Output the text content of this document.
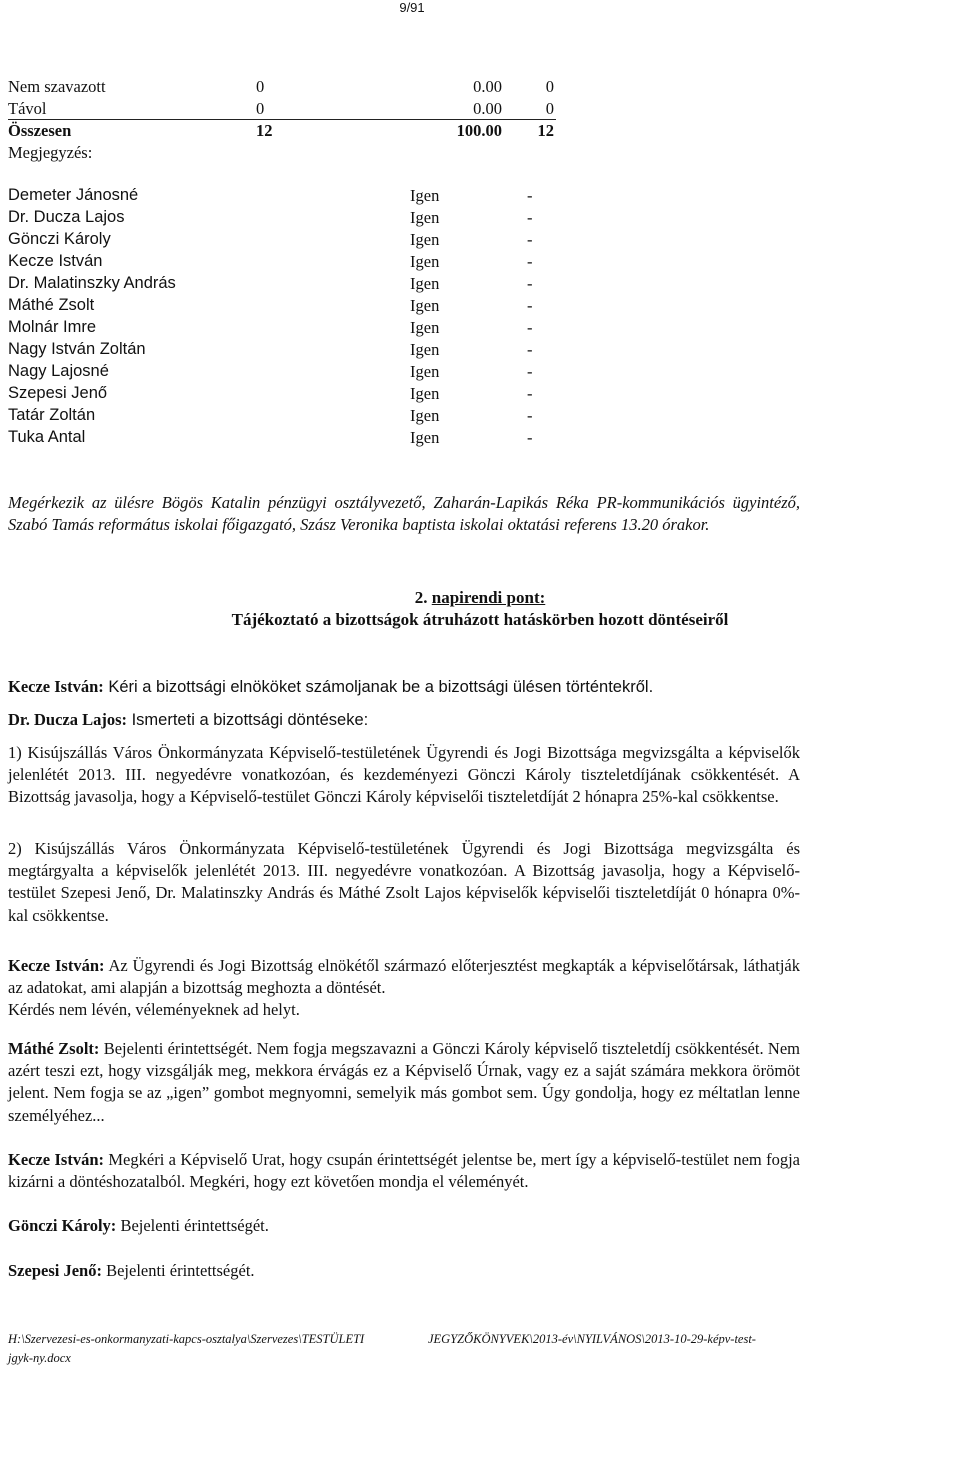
9/91
Nem szavazott	0	0.00	0
Távol	0	0.00	0
Összesen	12	100.00 12
Megjegyzés:
Demeter Jánosné	Igen	-
Dr. Ducza Lajos	Igen	-
Gönczi Károly	Igen	-
Kecze István	Igen	-
Dr. Malatinszky András	Igen	-
Máthé Zsolt	Igen	-
Molnár Imre	Igen	-
Nagy István Zoltán	Igen	-
Nagy Lajosné	Igen	-
Szepesi Jenő	Igen	-
Tatár Zoltán	Igen	-
Tuka Antal	Igen	-
Megérkezik az ülésre Bögös Katalin pénzügyi osztályvezető, Zaharán-Lapikás Réka PR-kommunikációs ügyintéző, Szabó Tamás református iskolai főigazgató, Szász Veronika baptista iskolai oktatási referens 13.20 órakor.
2. napirendi pont:
Tájékoztató a bizottságok átruházott hatáskörben hozott döntéseiről
Kecze István: Kéri a bizottsági elnököket számoljanak be a bizottsági ülésen történtekről.
Dr. Ducza Lajos: Ismerteti a bizottsági döntéseke:
1) Kisújszállás Város Önkormányzata Képviselő-testületének Ügyrendi és Jogi Bizottsága megvizsgálta a képviselők jelenlétét 2013. III. negyedévre vonatkozóan, és kezdeményezi Gönczi Károly tiszteletdíjának csökkentését. A Bizottság javasolja, hogy a Képviselő-testület Gönczi Károly képviselői tiszteletdíját 2 hónapra 25%-kal csökkentse.
2) Kisújszállás Város Önkormányzata Képviselő-testületének Ügyrendi és Jogi Bizottsága megvizsgálta és megtárgyalta a képviselők jelenlétét 2013. III. negyedévre vonatkozóan. A Bizottság javasolja, hogy a Képviselő-testület Szepesi Jenő, Dr. Malatinszky András és Máthé Zsolt Lajos képviselők képviselői tiszteletdíját 0 hónapra 0%-kal csökkentse.
Kecze István: Az Ügyrendi és Jogi Bizottság elnökétől származó előterjesztést megkapták a képviselőtársak, láthatják az adatokat, ami alapján a bizottság meghozta a döntését.
Kérdés nem lévén, véleményeknek ad helyt.
Máthé Zsolt: Bejelenti érintettségét. Nem fogja megszavazni a Gönczi Károly képviselő tiszteletdíj csökkentését. Nem azért teszi ezt, hogy vizsgálják meg, mekkora érvágás ez a Képviselő Úrnak, vagy ez a saját számára mekkora örömöt jelent. Nem fogja se az „igen” gombot megnyomni, semelyik más gombot sem. Úgy gondolja, hogy ez méltatlan lenne személyéhez...
Kecze István: Megkéri a Képviselő Urat, hogy csupán érintettségét jelentse be, mert így a képviselő-testület nem fogja kizárni a döntéshozatalból. Megkéri, hogy ezt követően mondja el véleményét.
Gönczi Károly: Bejelenti érintettségét.
Szepesi Jenő: Bejelenti érintettségét.
H:\Szervezesi-es-onkormanyzati-kapcs-osztalya\Szervezes\TESTÜLETI	JEGYZŐKÖNYVEK\2013-év\NYILVÁNOS\2013-10-29-képv-test-
jgyk-ny.docx
